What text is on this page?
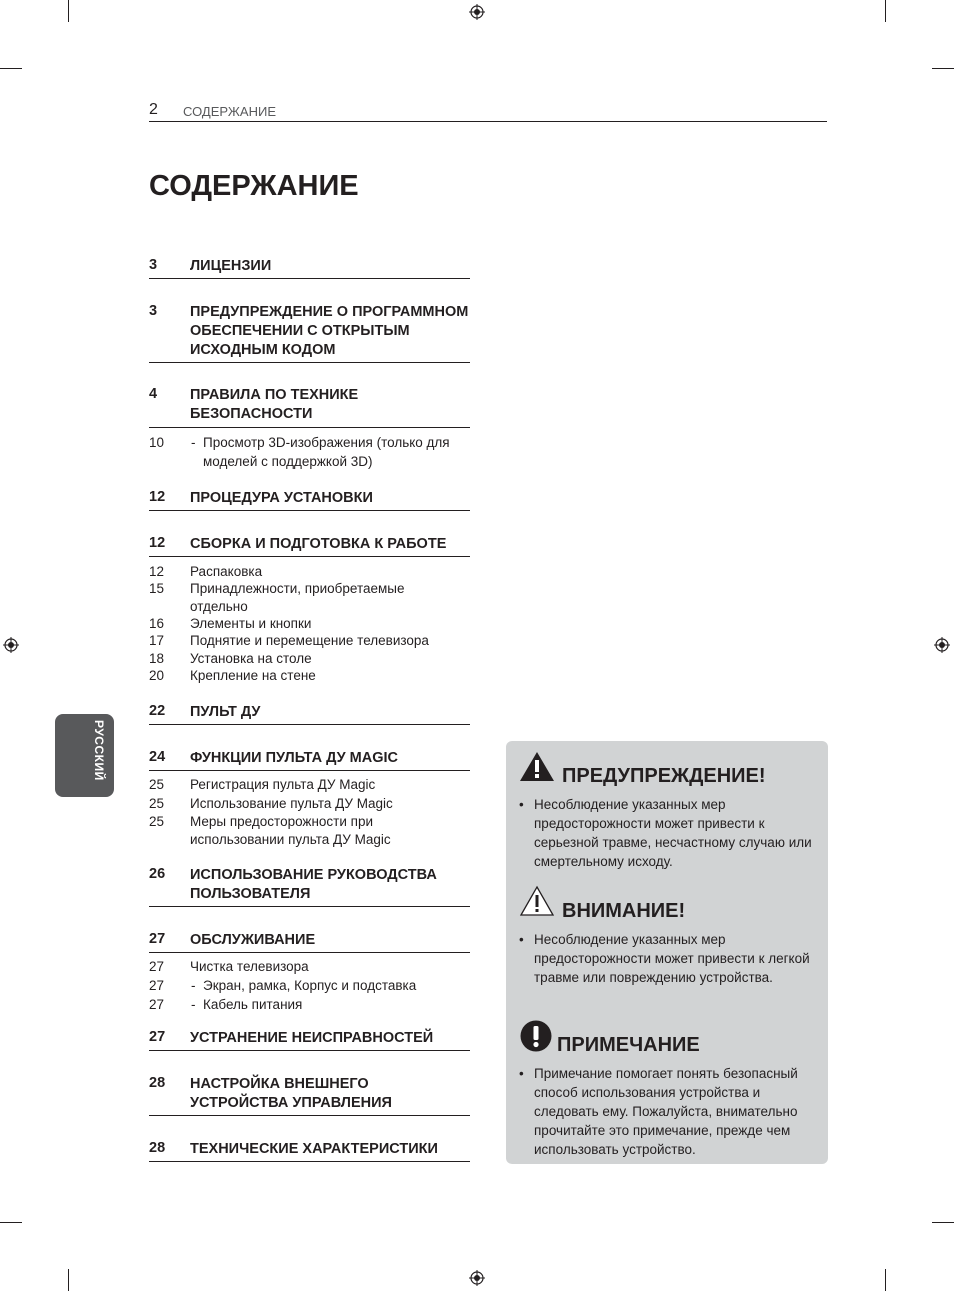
2 СОДЕРЖАНИЕ
СОДЕРЖАНИЕ
РУССКИЙ
3 ЛИЦЕНЗИИ
3 ПРЕДУПРЕЖДЕНИЕ О ПРОГРАММНОМ ОБЕСПЕЧЕНИИ С ОТКРЫТЫМ ИСХОДНЫМ КОДОМ
4 ПРАВИЛА ПО ТЕХНИКЕ БЕЗОПАСНОСТИ
10 - Просмотр 3D-изображения (только для моделей с поддержкой 3D)
12 ПРОЦЕДУРА УСТАНОВКИ
12 СБОРКА И ПОДГОТОВКА К РАБОТЕ
12 Распаковка
15 Принадлежности, приобретаемые отдельно
16 Элементы и кнопки
17 Поднятие и перемещение телевизора
18 Установка на столе
20 Крепление на стене
22 ПУЛЬТ ДУ
24 ФУНКЦИИ ПУЛЬТА ДУ MAGIC
25 Регистрация пульта ДУ Magic
25 Использование пульта ДУ Magic
25 Меры предосторожности при использовании пульта ДУ Magic
26 ИСПОЛЬЗОВАНИЕ РУКОВОДСТВА ПОЛЬЗОВАТЕЛЯ
27 ОБСЛУЖИВАНИЕ
27 Чистка телевизора
27 - Экран, рамка, Корпус и подставка
27 - Кабель питания
27 УСТРАНЕНИЕ НЕИСПРАВНОСТЕЙ
28 НАСТРОЙКА ВНЕШНЕГО УСТРОЙСТВА УПРАВЛЕНИЯ
28 ТЕХНИЧЕСКИЕ ХАРАКТЕРИСТИКИ
ПРЕДУПРЕЖДЕНИЕ!
• Несоблюдение указанных мер предосторожности может привести к серьезной травме, несчастному случаю или смертельному исходу.
ВНИМАНИЕ!
• Несоблюдение указанных мер предосторожности может привести к легкой травме или повреждению устройства.
ПРИМЕЧАНИЕ
• Примечание помогает понять безопасный способ использования устройства и следовать ему. Пожалуйста, внимательно прочитайте это примечание, прежде чем использовать устройство.
